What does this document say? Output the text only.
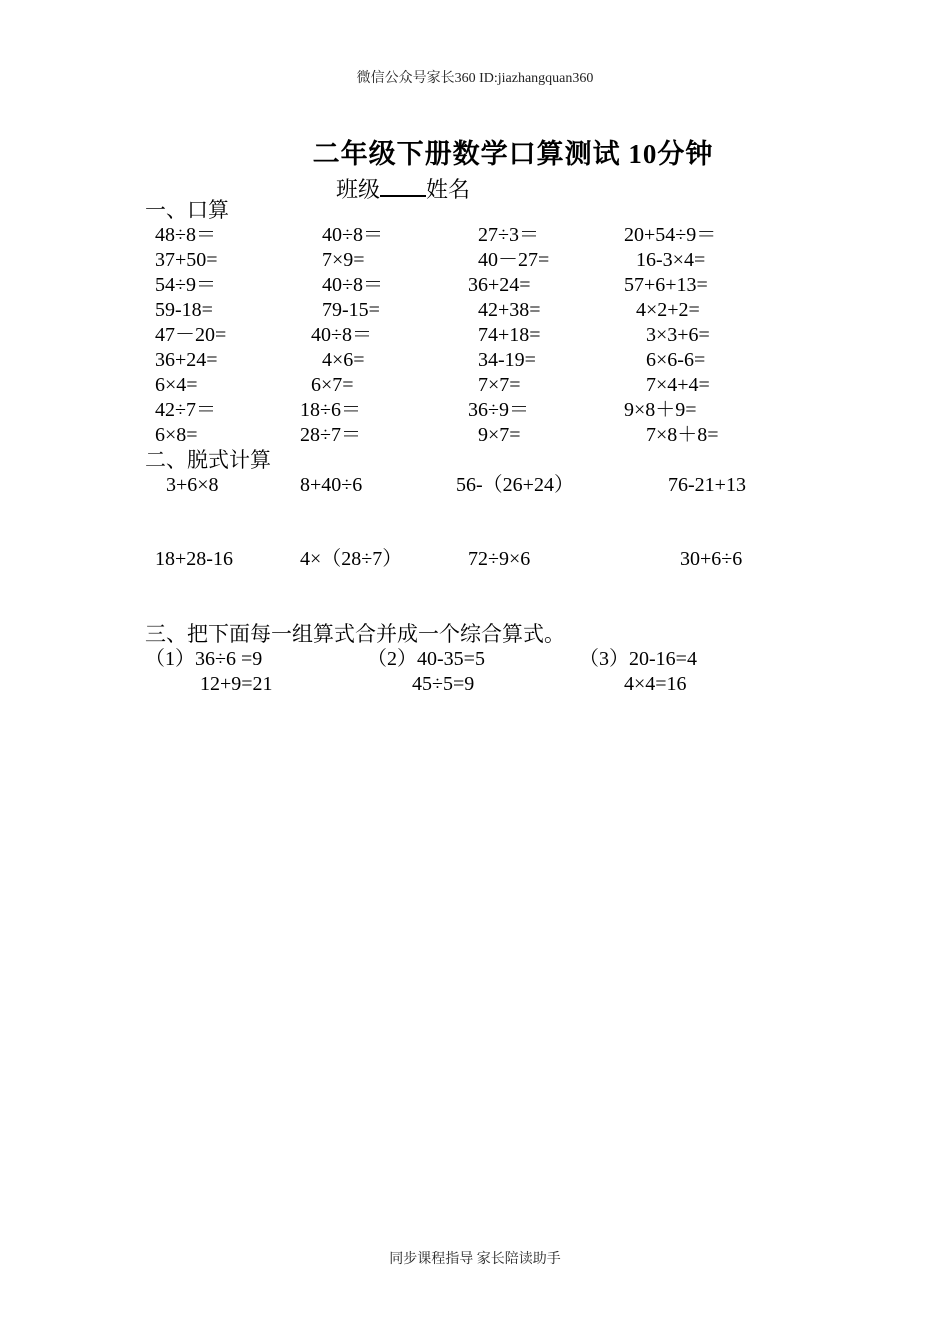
微信公众号家长360 ID:jiazhangquan360
二年级下册数学口算测试 10分钟
班级 姓名
一、口算
48÷8＝	40÷8＝	27÷3＝	20+54÷9＝
37+50=	7×9=	40－27=	16-3×4=
54÷9＝	40÷8＝	36+24=	57+6+13=
59-18=	79-15=	42+38=	4×2+2=
47－20=	40÷8＝	74+18=	3×3+6=
36+24=	4×6=	34-19=	6×6-6=
6×4=	6×7=	7×7=	7×4+4=
42÷7＝	18÷6＝	36÷9＝	9×8＋9=
6×8=	28÷7＝	9×7=	7×8＋8=
二、脱式计算
3+6×8	8+40÷6	56-（26+24）	76-21+13
18+28-16	4×（28÷7）	72÷9×6	30+6÷6
三、把下面每一组算式合并成一个综合算式。
（1）36÷6 =9	（2）40-35=5	（3）20-16=4
12+9=21	45÷5=9	4×4=16
同步课程指导 家长陪读助手
